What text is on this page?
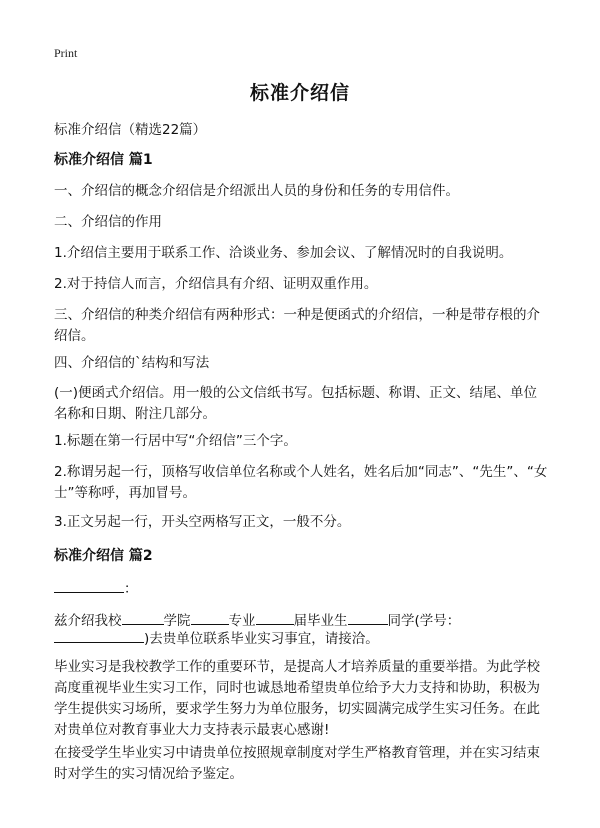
Print
标准介绍信
标准介绍信（精选22篇）
标准介绍信 篇1
一、介绍信的概念介绍信是介绍派出人员的身份和任务的专用信件。
二、介绍信的作用
1.介绍信主要用于联系工作、洽谈业务、参加会议、了解情况时的自我说明。
2.对于持信人而言，介绍信具有介绍、证明双重作用。
三、介绍信的种类介绍信有两种形式：一种是便函式的介绍信，一种是带存根的介
绍信。
四、介绍信的`结构和写法
(一)便函式介绍信。用一般的公文信纸书写。包括标题、称谓、正文、结尾、单位
名称和日期、附注几部分。
1.标题在第一行居中写“介绍信”三个字。
2.称谓另起一行，顶格写收信单位名称或个人姓名，姓名后加“同志”、“先生”、“女
士”等称呼，再加冒号。
3.正文另起一行，开头空两格写正文，一般不分。
标准介绍信 篇2
：
兹介绍我校	学院	专业	届毕业生	同学(学号：
)去贵单位联系毕业实习事宜，请接洽。
毕业实习是我校教学工作的重要环节，是提高人才培养质量的重要举措。为此学校
高度重视毕业生实习工作，同时也诚恳地希望贵单位给予大力支持和协助，积极为
学生提供实习场所，要求学生努力为单位服务，切实圆满完成学生实习任务。在此
对贵单位对教育事业大力支持表示最衷心感谢!
在接受学生毕业实习中请贵单位按照规章制度对学生严格教育管理，并在实习结束
时对学生的实习情况给予鉴定。
